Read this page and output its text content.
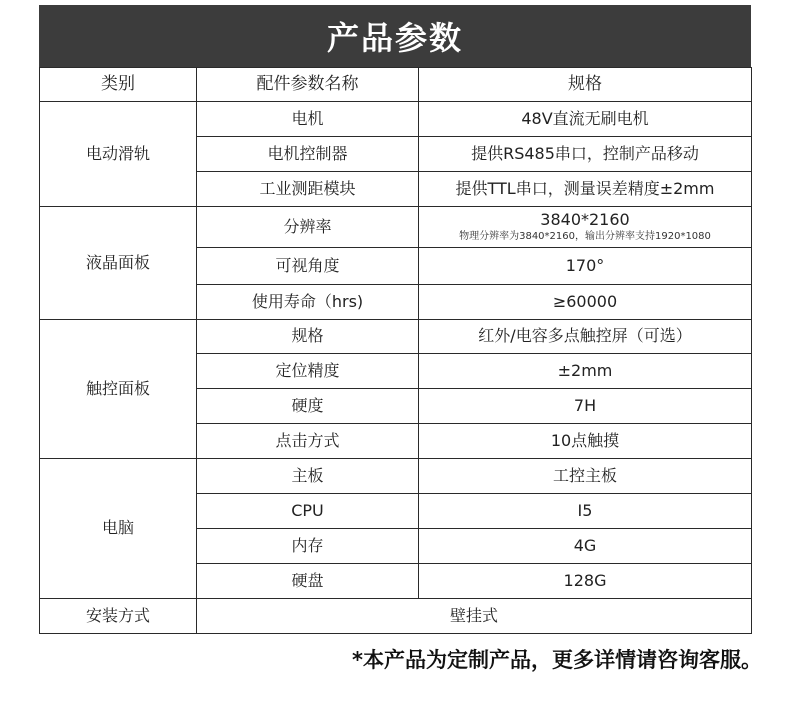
产品参数
类别	配件参数名称	规格
电动滑轨	电机	48V直流无刷电机
	电机控制器	提供RS485串口，控制产品移动
	工业测距模块	提供TTL串口，测量误差精度±2mm
液晶面板	分辨率	3840*2160
物理分辨率为3840*2160，输出分辨率支持1920*1080

	可视角度	170°
	使用寿命（hrs)	≥60000
触控面板	规格	红外/电容多点触控屏（可选）
	定位精度	±2mm
	硬度	7H
	点击方式	10点触摸
电脑	主板	工控主板
	CPU	I5
	内存	4G
	硬盘	128G
安装方式	壁挂式	
*本产品为定制产品，更多详情请咨询客服。
